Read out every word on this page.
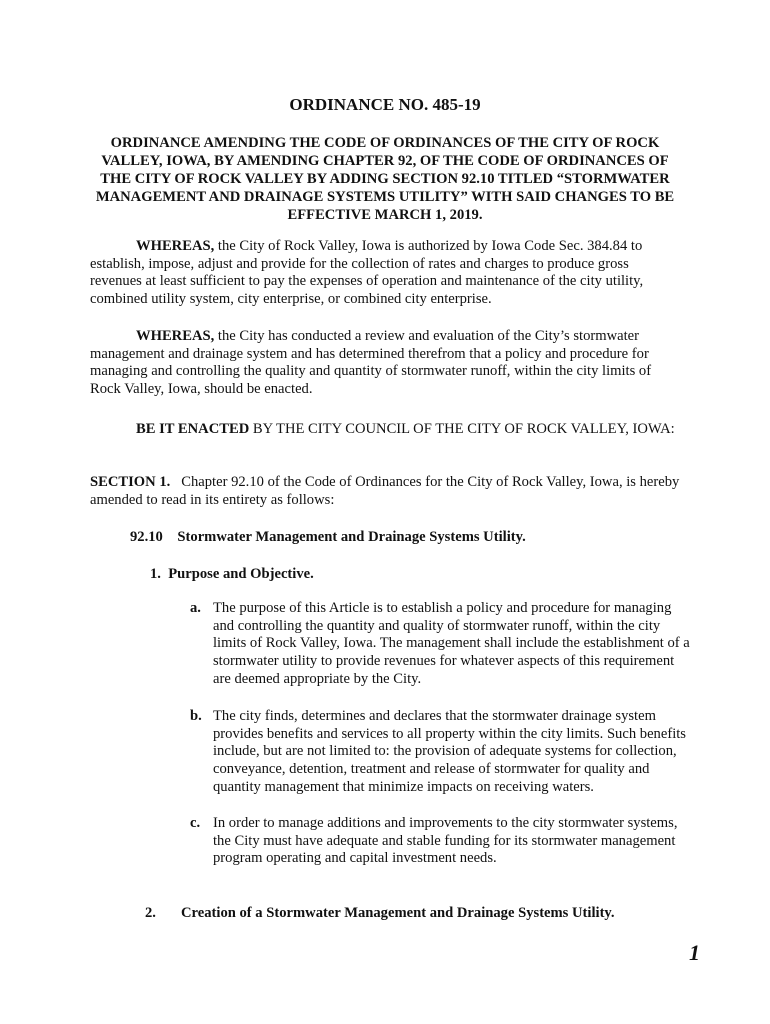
ORDINANCE NO. 485-19

ORDINANCE AMENDING THE CODE OF ORDINANCES OF THE CITY OF ROCK VALLEY, IOWA, BY AMENDING CHAPTER 92, OF THE CODE OF ORDINANCES OF THE CITY OF ROCK VALLEY BY ADDING SECTION 92.10 TITLED “STORMWATER MANAGEMENT AND DRAINAGE SYSTEMS UTILITY” WITH SAID CHANGES TO BE EFFECTIVE MARCH 1, 2019.

WHEREAS, the City of Rock Valley, Iowa is authorized by Iowa Code Sec. 384.84 to establish, impose, adjust and provide for the collection of rates and charges to produce gross revenues at least sufficient to pay the expenses of operation and maintenance of the city utility, combined utility system, city enterprise, or combined city enterprise.

WHEREAS, the City has conducted a review and evaluation of the City’s stormwater management and drainage system and has determined therefrom that a policy and procedure for managing and controlling the quality and quantity of stormwater runoff, within the city limits of Rock Valley, Iowa, should be enacted.

BE IT ENACTED BY THE CITY COUNCIL OF THE CITY OF ROCK VALLEY, IOWA:

SECTION 1.   Chapter 92.10 of the Code of Ordinances for the City of Rock Valley, Iowa, is hereby amended to read in its entirety as follows:

92.10    Stormwater Management and Drainage Systems Utility.

1.  Purpose and Objective.

a. The purpose of this Article is to establish a policy and procedure for managing and controlling the quantity and quality of stormwater runoff, within the city limits of Rock Valley, Iowa. The management shall include the establishment of a stormwater utility to provide revenues for whatever aspects of this requirement are deemed appropriate by the City.
b. The city finds, determines and declares that the stormwater drainage system provides benefits and services to all property within the city limits. Such benefits include, but are not limited to: the provision of adequate systems for collection, conveyance, detention, treatment and release of stormwater for quality and quantity management that minimize impacts on receiving waters.
c. In order to manage additions and improvements to the city stormwater systems, the City must have adequate and stable funding for its stormwater management program operating and capital investment needs.

2. Creation of a Stormwater Management and Drainage Systems Utility.

1
